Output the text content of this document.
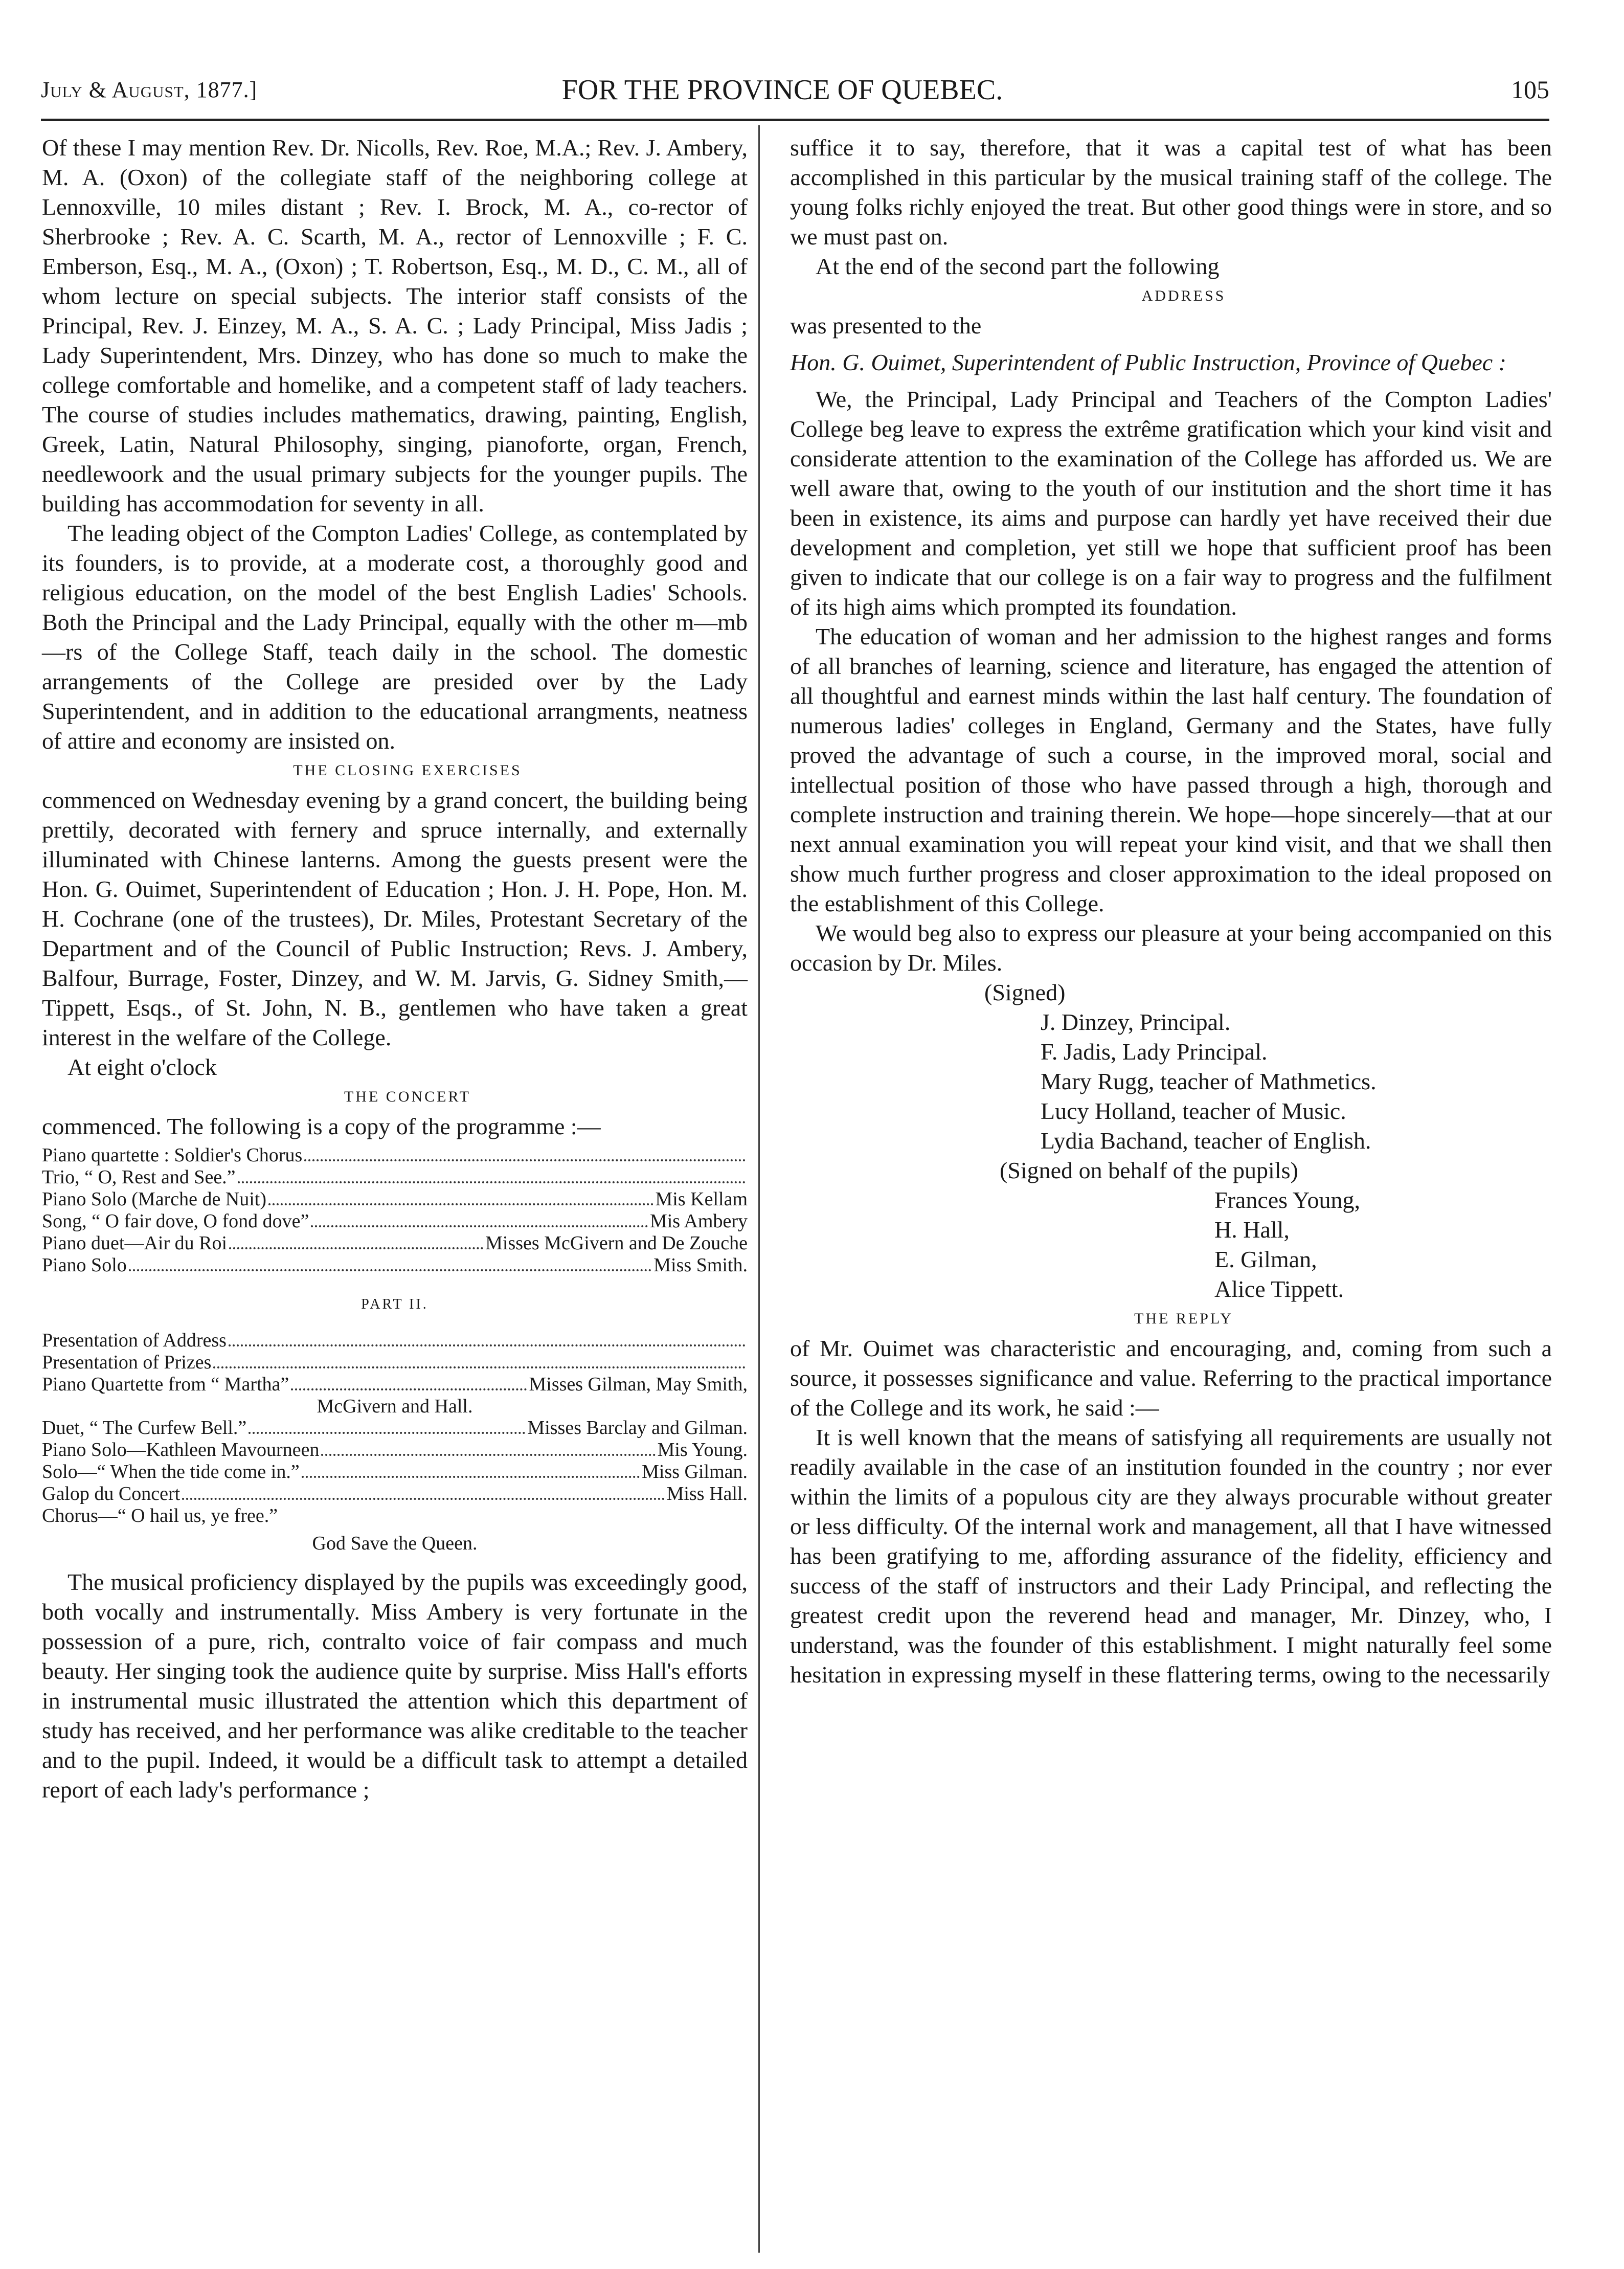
July & August, 1877.]	FOR THE PROVINCE OF QUEBEC.	105

Of these I may mention Rev. Dr. Nicolls, Rev. Roe, M.A.; Rev. J. Ambery, M. A. (Oxon) of the collegiate staff of the neighboring college at Lennoxville, 10 miles distant ; Rev. I. Brock, M. A., co-rector of Sherbrooke ; Rev. A. C. Scarth, M. A., rector of Lennoxville ; F. C. Emberson, Esq., M. A., (Oxon) ; T. Robertson, Esq., M. D., C. M., all of whom lecture on special subjects. The interior staff consists of the Principal, Rev. J. Einzey, M. A., S. A. C. ; Lady Principal, Miss Jadis ; Lady Superintendent, Mrs. Dinzey, who has done so much to make the college comfortable and homelike, and a competent staff of lady teachers. The course of studies includes mathematics, drawing, painting, English, Greek, Latin, Natural Philosophy, singing, pianoforte, organ, French, needlewoork and the usual primary subjects for the younger pupils. The building has accommodation for seventy in all.

The leading object of the Compton Ladies' College, as contemplated by its founders, is to provide, at a moderate cost, a thoroughly good and religious education, on the model of the best English Ladies' Schools. Both the Principal and the Lady Principal, equally with the other m—mb—rs of the College Staff, teach daily in the school. The domestic arrangements of the College are presided over by the Lady Superintendent, and in addition to the educational arrangments, neatness of attire and economy are insisted on.

THE CLOSING EXERCISES

commenced on Wednesday evening by a grand concert, the building being prettily, decorated with fernery and spruce internally, and externally illuminated with Chinese lanterns. Among the guests present were the Hon. G. Ouimet, Superintendent of Education ; Hon. J. H. Pope, Hon. M. H. Cochrane (one of the trustees), Dr. Miles, Protestant Secretary of the Department and of the Council of Public Instruction; Revs. J. Ambery, Balfour, Burrage, Foster, Dinzey, and W. M. Jarvis, G. Sidney Smith,—Tippett, Esqs., of St. John, N. B., gentlemen who have taken a great interest in the welfare of the College.

At eight o'clock

THE CONCERT

commenced. The following is a copy of the programme :—

Piano quartette : Soldier's Chorus
Trio, “ O, Rest and See.”
Piano Solo (Marche de Nuit)	Mis Kellam
Song, “ O fair dove, O fond dove”	Mis Ambery
Piano duet—Air du Roi	Misses McGivern and De Zouche
Piano Solo	Miss Smith.
PART II.
Presentation of Address
Presentation of Prizes
Piano Quartette from “ Martha”	Misses Gilman, May Smith,
McGivern and Hall.
Duet, “ The Curfew Bell.”	Misses Barclay and Gilman.
Piano Solo—Kathleen Mavourneen	Mis Young.
Solo—“ When the tide come in.”	Miss Gilman.
Galop du Concert	Miss Hall.
Chorus—“ O hail us, ye free.”
God Save the Queen.

The musical proficiency displayed by the pupils was exceedingly good, both vocally and instrumentally. Miss Ambery is very fortunate in the possession of a pure, rich, contralto voice of fair compass and much beauty. Her singing took the audience quite by surprise. Miss Hall's efforts in instrumental music illustrated the attention which this department of study has received, and her performance was alike creditable to the teacher and to the pupil. Indeed, it would be a difficult task to attempt a detailed report of each lady's performance ;

suffice it to say, therefore, that it was a capital test of what has been accomplished in this particular by the musical training staff of the college. The young folks richly enjoyed the treat. But other good things were in store, and so we must past on.

At the end of the second part the following

ADDRESS

was presented to the

Hon. G. Ouimet, Superintendent of Public Instruction, Province of Quebec :

We, the Principal, Lady Principal and Teachers of the Compton Ladies' College beg leave to express the extrême gratification which your kind visit and considerate attention to the examination of the College has afforded us. We are well aware that, owing to the youth of our institution and the short time it has been in existence, its aims and purpose can hardly yet have received their due development and completion, yet still we hope that sufficient proof has been given to indicate that our college is on a fair way to progress and the fulfilment of its high aims which prompted its foundation.

The education of woman and her admission to the highest ranges and forms of all branches of learning, science and literature, has engaged the attention of all thoughtful and earnest minds within the last half century. The foundation of numerous ladies' colleges in England, Germany and the States, have fully proved the advantage of such a course, in the improved moral, social and intellectual position of those who have passed through a high, thorough and complete instruction and training therein. We hope—hope sincerely—that at our next annual examination you will repeat your kind visit, and that we shall then show much further progress and closer approximation to the ideal proposed on the establishment of this College.

We would beg also to express our pleasure at your being accompanied on this occasion by Dr. Miles.

(Signed)

J. Dinzey, Principal.

F. Jadis, Lady Principal.

Mary Rugg, teacher of Mathmetics.

Lucy Holland, teacher of Music.

Lydia Bachand, teacher of English.

(Signed on behalf of the pupils)

Frances Young,

H. Hall,

E. Gilman,

Alice Tippett.

THE REPLY

of Mr. Ouimet was characteristic and encouraging, and, coming from such a source, it possesses significance and value. Referring to the practical importance of the College and its work, he said :—

It is well known that the means of satisfying all requirements are usually not readily available in the case of an institution founded in the country ; nor ever within the limits of a populous city are they always procurable without greater or less difficulty. Of the internal work and management, all that I have witnessed has been gratifying to me, affording assurance of the fidelity, efficiency and success of the staff of instructors and their Lady Principal, and reflecting the greatest credit upon the reverend head and manager, Mr. Dinzey, who, I understand, was the founder of this establishment. I might naturally feel some hesitation in expressing myself in these flattering terms, owing to the necessarily
